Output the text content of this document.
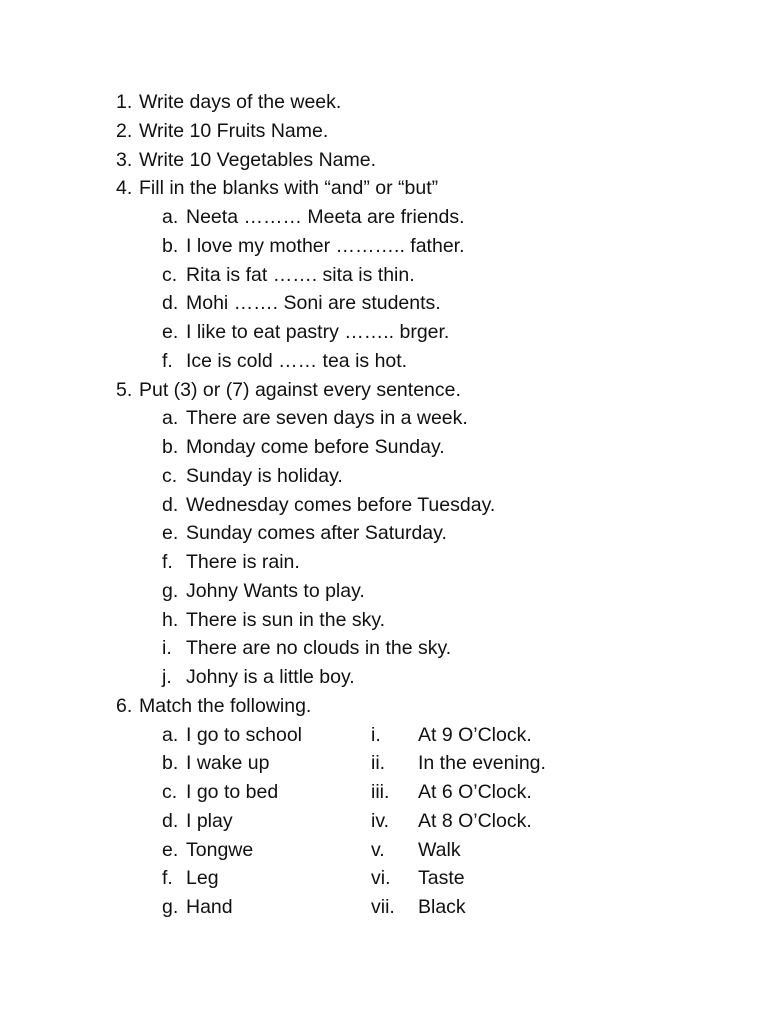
1. Write days of the week.
2. Write 10 Fruits Name.
3. Write 10 Vegetables Name.
4. Fill in the blanks with “and” or “but”
a. Neeta ……… Meeta are friends.
b. I love my mother ……….. father.
c. Rita is fat ……. sita is thin.
d. Mohi ……. Soni are students.
e. I like to eat pastry …….. brger.
f. Ice is cold …… tea is hot.
5. Put (3) or (7) against every sentence.
a. There are seven days in a week.
b. Monday come before Sunday.
c. Sunday is holiday.
d. Wednesday comes before Tuesday.
e. Sunday comes after Saturday.
f. There is rain.
g. Johny Wants to play.
h. There is sun in the sky.
i. There are no clouds in the sky.
j. Johny is a little boy.
6. Match the following.
a. I go to school	i.	At 9 O’Clock.
b. I wake up	ii.	In the evening.
c. I go to bed	iii.	At 6 O’Clock.
d. I play	iv.	At 8 O’Clock.
e. Tongwe	v.	Walk
f. Leg	vi.	Taste
g. Hand	vii.	Black
